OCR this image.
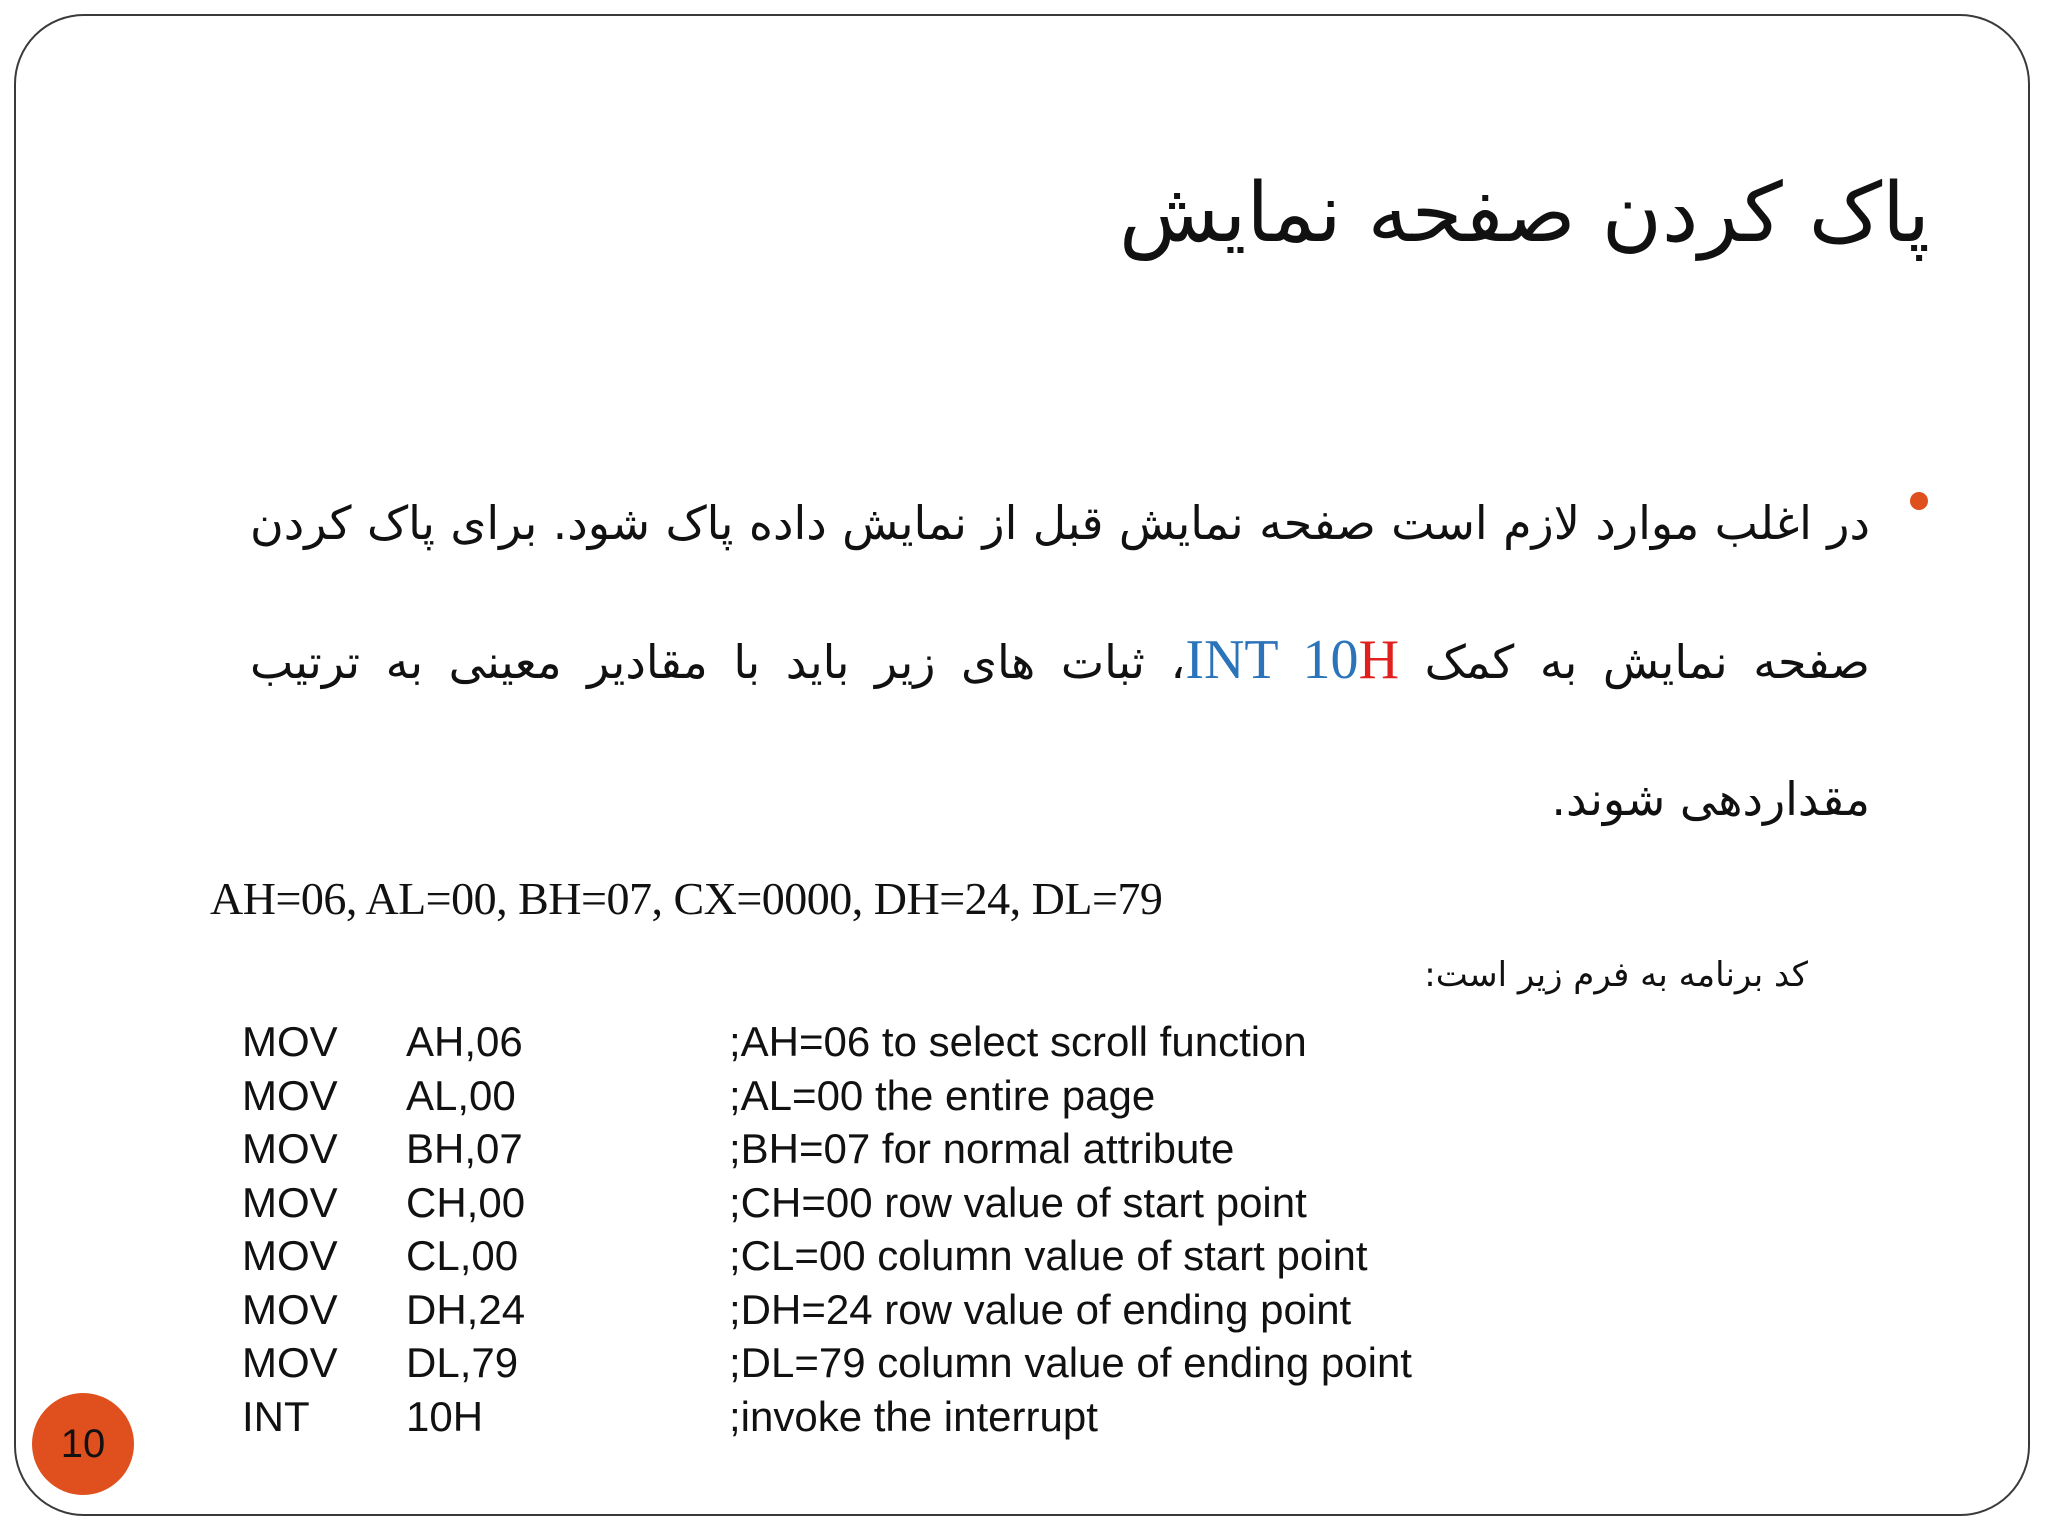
پاک کردن صفحه نمایش
در اغلب موارد لازم است صفحه نمایش قبل از نمایش داده پاک شود. برای پاک کردن صفحه نمایش به کمک INT 10H، ثبات های زیر باید با مقادیر معینی به ترتیب مقداردهی شوند.
AH=06, AL=00, BH=07, CX=0000, DH=24, DL=79
کد برنامه به فرم زیر است:
MOV AH,06	;AH=06 to select scroll function
MOV AL,00	;AL=00 the entire page
MOV BH,07	;BH=07 for normal attribute
MOV CH,00	;CH=00 row value of start point
MOV CL,00	;CL=00 column value of start point
MOV DH,24	;DH=24 row value of ending point
MOV DL,79	;DL=79 column value of ending point
INT 10H	;invoke the interrupt
10
